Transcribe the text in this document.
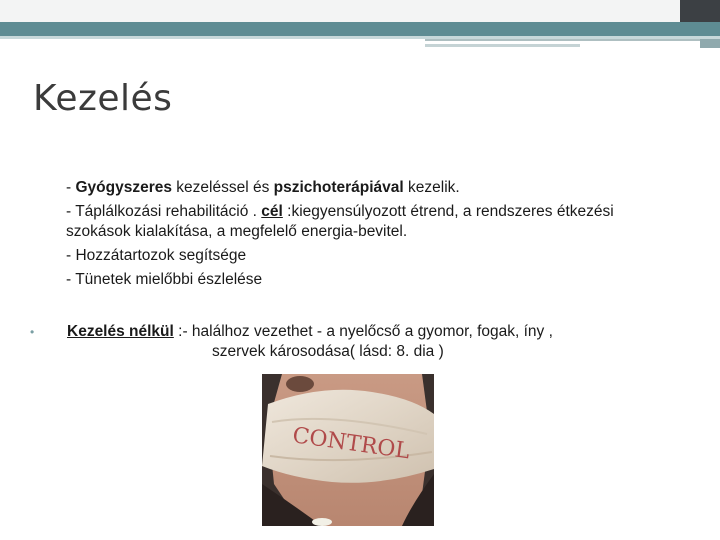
Kezelés

- Gyógyszeres kezeléssel és pszichoterápiával kezelik.

- Táplálkozási rehabilitáció . cél :kiegyensúlyozott étrend, a rendszeres étkezési szokások kialakítása, a megfelelő energia-bevitel.

- Hozzátartozok segítsége

- Tünetek mielőbbi észlelése

• Kezelés nélkül :- halálhoz vezethet - a nyelőcső a gyomor, fogak, íny ,
szervek károsodása( lásd: 8. dia )
CONTROL
